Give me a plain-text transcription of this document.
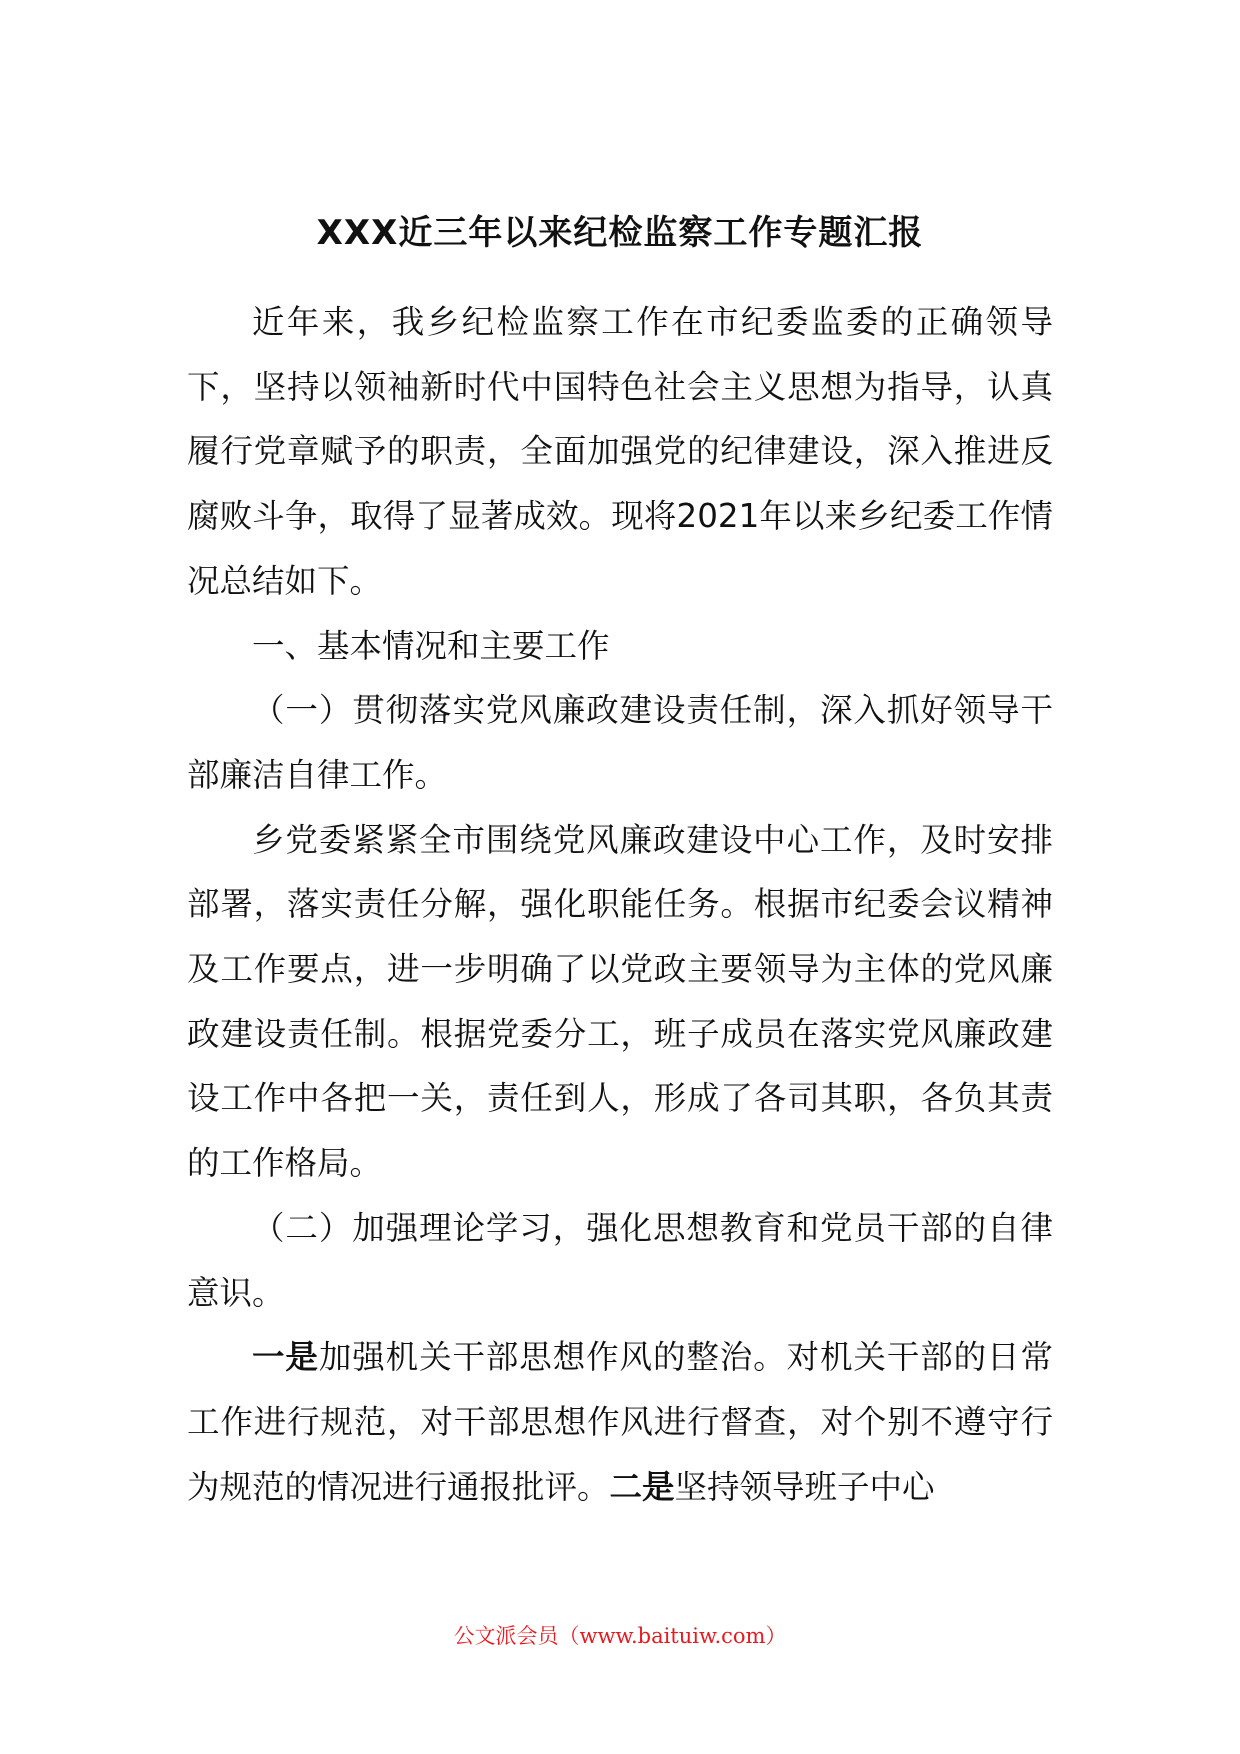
XXX近三年以来纪检监察工作专题汇报

近年来，我乡纪检监察工作在市纪委监委的正确领导下，坚持以领袖新时代中国特色社会主义思想为指导，认真履行党章赋予的职责，全面加强党的纪律建设，深入推进反腐败斗争，取得了显著成效。现将2021年以来乡纪委工作情况总结如下。

一、基本情况和主要工作

（一）贯彻落实党风廉政建设责任制，深入抓好领导干部廉洁自律工作。

乡党委紧紧全市围绕党风廉政建设中心工作，及时安排部署，落实责任分解，强化职能任务。根据市纪委会议精神及工作要点，进一步明确了以党政主要领导为主体的党风廉政建设责任制。根据党委分工，班子成员在落实党风廉政建设工作中各把一关，责任到人，形成了各司其职，各负其责的工作格局。

（二）加强理论学习，强化思想教育和党员干部的自律意识。

一是加强机关干部思想作风的整治。对机关干部的日常工作进行规范，对干部思想作风进行督查，对个别不遵守行为规范的情况进行通报批评。二是坚持领导班子中心

公文派会员（www.baituiw.com）
